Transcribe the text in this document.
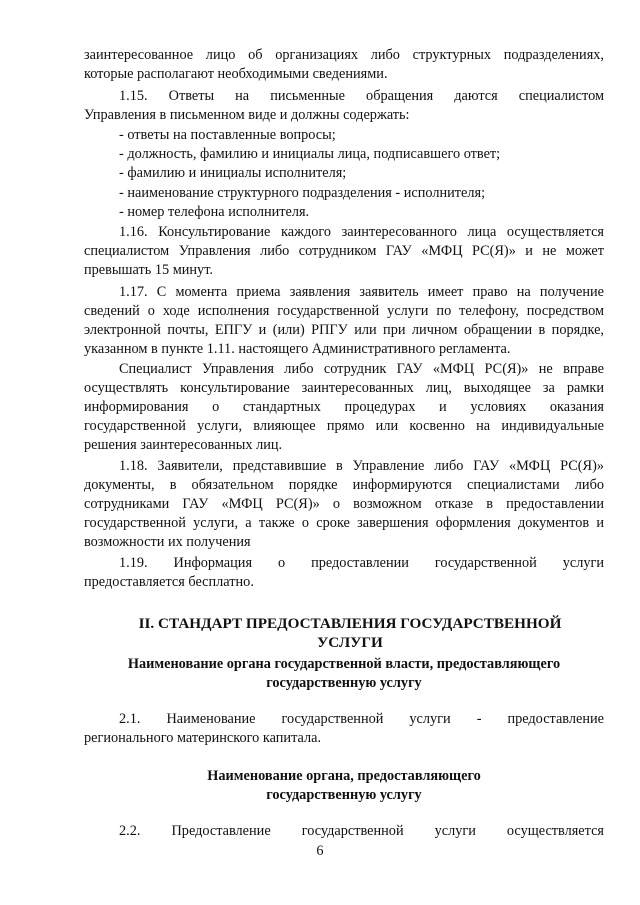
заинтересованное лицо об организациях либо структурных подразделениях,
которые располагают необходимыми сведениями.
1.15. Ответы на письменные обращения даются специалистом
Управления в письменном виде и должны содержать:
- ответы на поставленные вопросы;
- должность, фамилию и инициалы лица, подписавшего ответ;
- фамилию и инициалы исполнителя;
- наименование структурного подразделения - исполнителя;
- номер телефона исполнителя.
1.16. Консультирование каждого заинтересованного лица осуществляется
специалистом Управления либо сотрудником ГАУ «МФЦ РС(Я)» и не может
превышать 15 минут.
1.17. С момента приема заявления заявитель имеет право на получение
сведений о ходе исполнения государственной услуги по телефону, посредством
электронной почты, ЕПГУ и (или) РПГУ или при личном обращении в порядке,
указанном в пункте 1.11. настоящего Административного регламента.
Специалист Управления либо сотрудник ГАУ «МФЦ РС(Я)» не вправе
осуществлять консультирование заинтересованных лиц, выходящее за рамки
информирования о стандартных процедурах и условиях оказания
государственной услуги, влияющее прямо или косвенно на индивидуальные
решения заинтересованных лиц.
1.18. Заявители, представившие в Управление либо ГАУ «МФЦ РС(Я)»
документы, в обязательном порядке информируются специалистами либо
сотрудниками ГАУ «МФЦ РС(Я)» о возможном отказе в предоставлении
государственной услуги, а также о сроке завершения оформления документов и
возможности их получения
1.19. Информация о предоставлении государственной услуги
предоставляется бесплатно.
II. СТАНДАРТ ПРЕДОСТАВЛЕНИЯ ГОСУДАРСТВЕННОЙ
УСЛУГИ
Наименование органа государственной власти, предоставляющего
государственную услугу
2.1. Наименование государственной услуги - предоставление
регионального материнского капитала.
Наименование органа, предоставляющего
государственную услугу
2.2. Предоставление государственной услуги осуществляется
6
